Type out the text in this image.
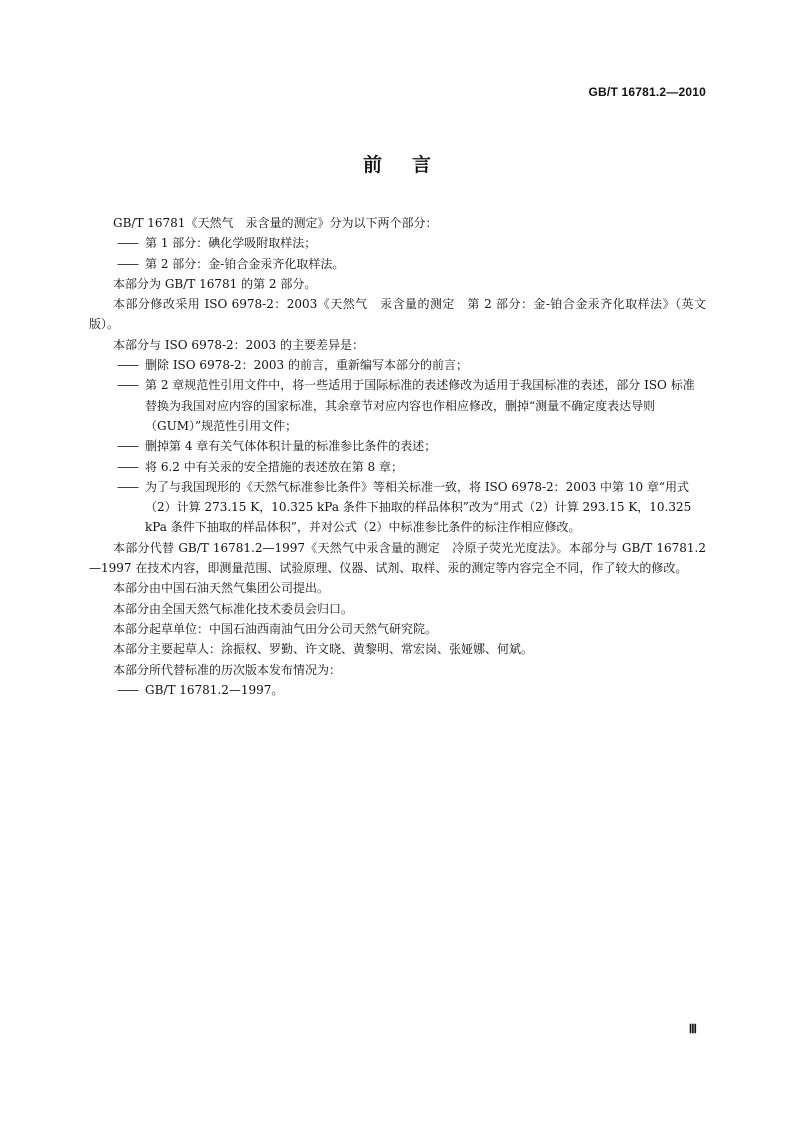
GB/T 16781.2—2010
前言
GB/T 16781《天然气　汞含量的测定》分为以下两个部分：
—— 第 1 部分：碘化学吸附取样法；
—— 第 2 部分：金-铂合金汞齐化取样法。
本部分为 GB/T 16781 的第 2 部分。
本部分修改采用 ISO 6978-2：2003《天然气　汞含量的测定　第 2 部分：金-铂合金汞齐化取样法》（英文版）。
本部分与 ISO 6978-2：2003 的主要差异是：
—— 删除 ISO 6978-2：2003 的前言，重新编写本部分的前言；
—— 第 2 章规范性引用文件中，将一些适用于国际标准的表述修改为适用于我国标准的表述，部分 ISO 标准替换为我国对应内容的国家标准，其余章节对应内容也作相应修改，删掉“测量不确定度表达导则（GUM）”规范性引用文件；
—— 删掉第 4 章有关气体体积计量的标准参比条件的表述；
—— 将 6.2 中有关汞的安全措施的表述放在第 8 章；
—— 为了与我国现形的《天然气标准参比条件》等相关标准一致，将 ISO 6978-2：2003 中第 10 章“用式（2）计算 273.15 K，10.325 kPa 条件下抽取的样品体积”改为“用式（2）计算 293.15 K，10.325 kPa 条件下抽取的样品体积”，并对公式（2）中标准参比条件的标注作相应修改。
本部分代替 GB/T 16781.2—1997《天然气中汞含量的测定　冷原子荧光光度法》。本部分与 GB/T 16781.2—1997 在技术内容，即测量范围、试验原理、仪器、试剂、取样、汞的测定等内容完全不同，作了较大的修改。
本部分由中国石油天然气集团公司提出。
本部分由全国天然气标准化技术委员会归口。
本部分起草单位：中国石油西南油气田分公司天然气研究院。
本部分主要起草人：涂振权、罗勤、许文晓、黄黎明、常宏岗、张娅娜、何斌。
本部分所代替标准的历次版本发布情况为：
—— GB/T 16781.2—1997。
Ⅲ
